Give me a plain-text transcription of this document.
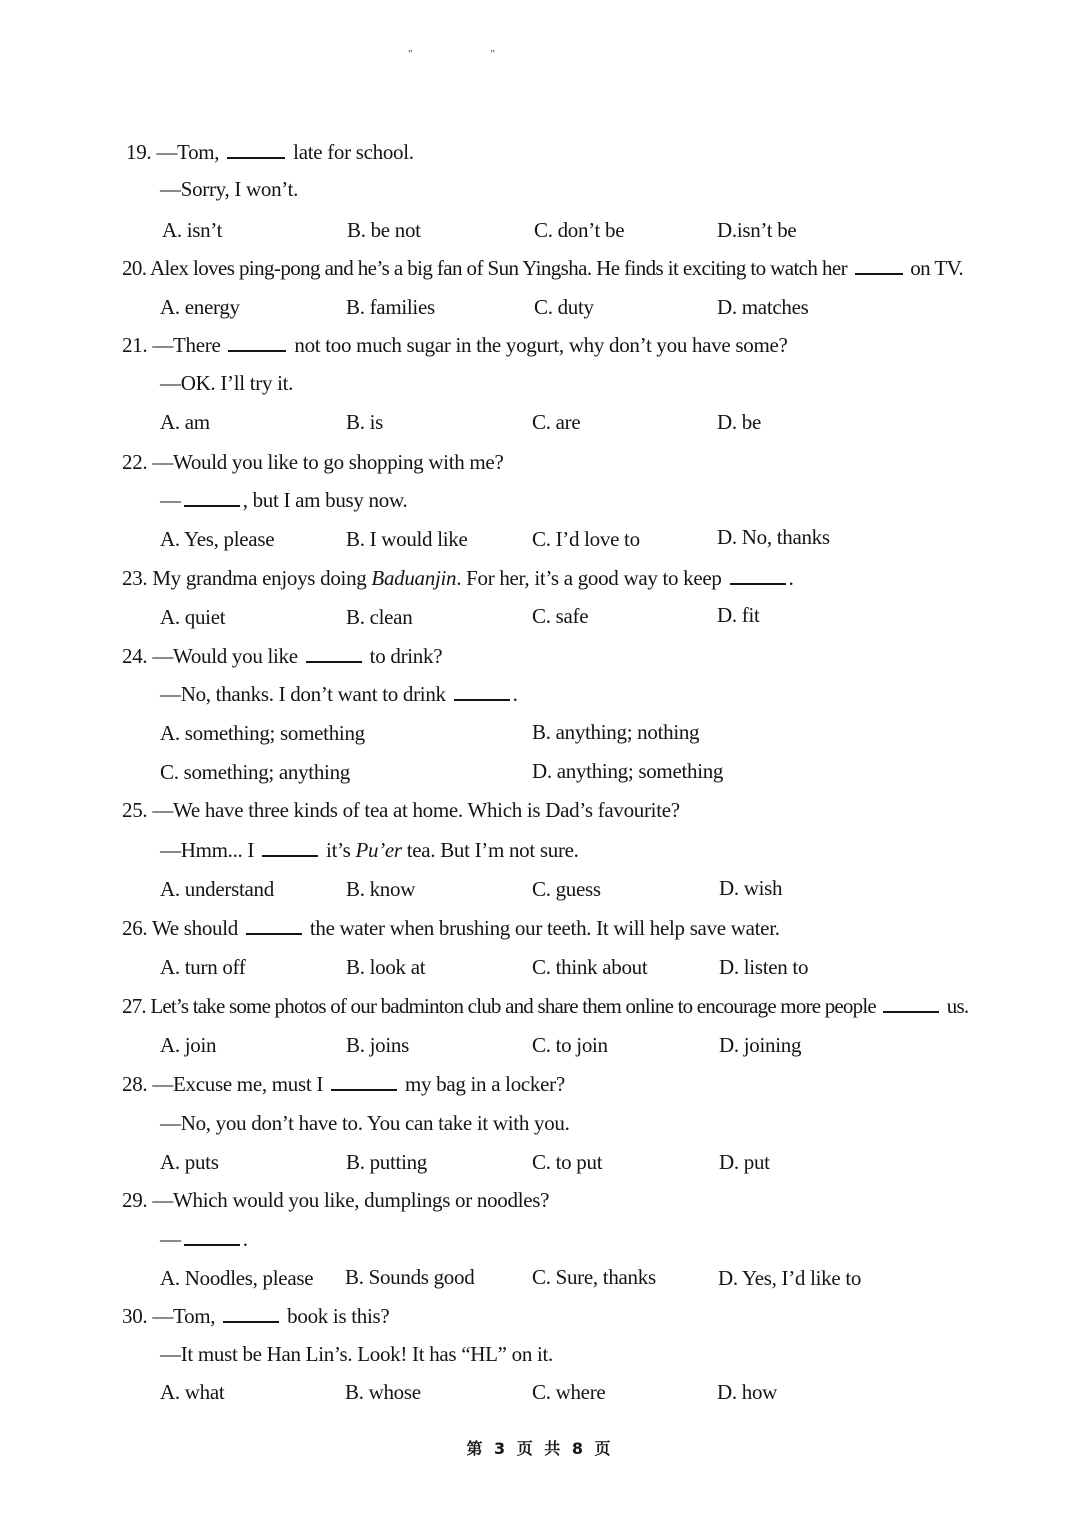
"	"
19. —Tom,	late for school.
—Sorry, I won’t.
A. isn’t	B. be not	C. don’t be	D.isn’t be
20. Alex loves ping-pong and he’s a big fan of Sun Yingsha. He finds it exciting to watch her	on TV.
A. energy	B. families	C. duty	D. matches
21. —There	not too much sugar in the yogurt, why don’t you have some?
—OK. I’ll try it.
A. am	B. is	C. are	D. be
22. —Would you like to go shopping with me?
—	, but I am busy now.
A. Yes, please	B. I would like	C. I’d love to	D. No, thanks
23. My grandma enjoys doing Baduanjin. For her, it’s a good way to keep	.
A. quiet	B. clean	C. safe	D. fit
24. —Would you like	to drink?
—No, thanks. I don’t want to drink	.
A. something; something	B. anything; nothing
C. something; anything	D. anything; something
25. —We have three kinds of tea at home. Which is Dad’s favourite?
—Hmm... I	it’s Pu’er tea. But I’m not sure.
A. understand	B. know	C. guess	D. wish
26. We should	the water when brushing our teeth. It will help save water.
A. turn off	B. look at	C. think about	D. listen to
27. Let’s take some photos of our badminton club and share them online to encourage more people	us.
A. join	B. joins	C. to join	D. joining
28. —Excuse me, must I	my bag in a locker?
—No, you don’t have to. You can take it with you.
A. puts	B. putting	C. to put	D. put
29. —Which would you like, dumplings or noodles?
—	.
A. Noodles, please B. Sounds good	C. Sure, thanks	D. Yes, I’d like to
30. —Tom,	book is this?
—It must be Han Lin’s. Look! It has “HL” on it.
A. what	B. whose	C. where	D. how
第 3 页 共 8 页
